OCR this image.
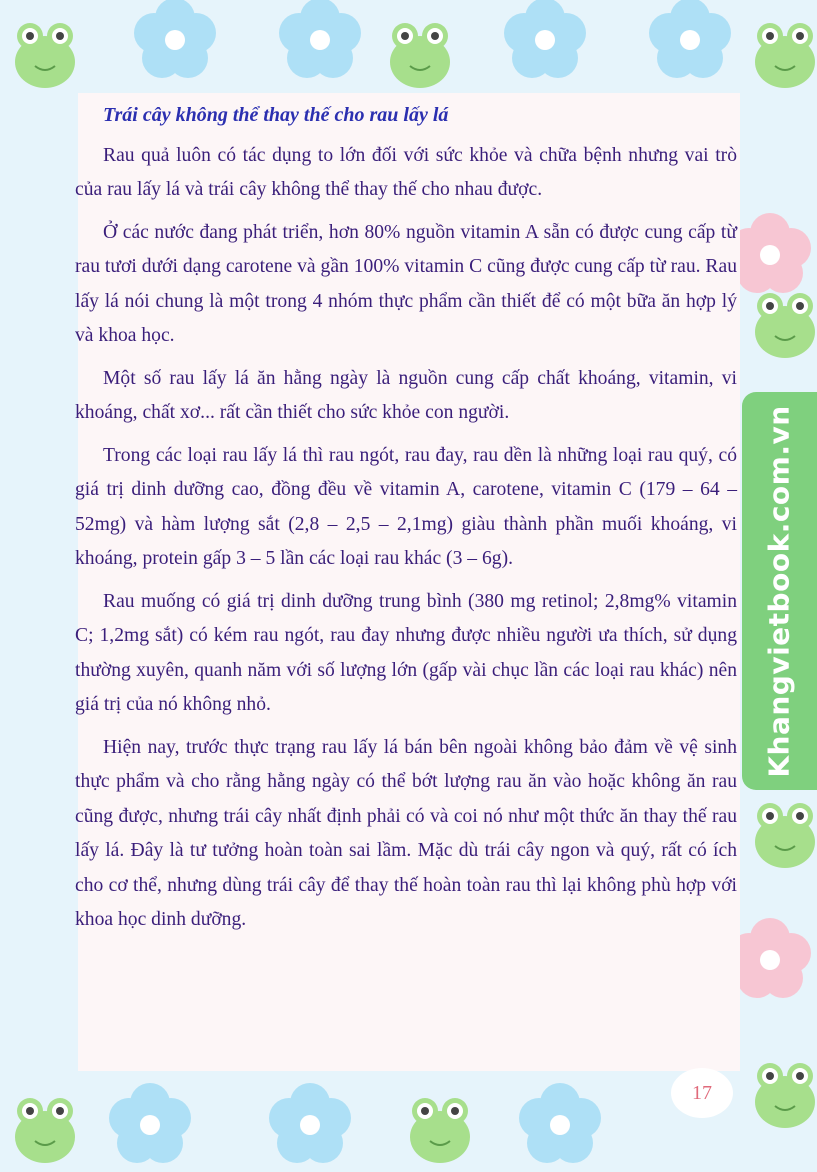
Trái cây không thể thay thế cho rau lấy lá

Rau quả luôn có tác dụng to lớn đối với sức khỏe và chữa bệnh nhưng vai trò của rau lấy lá và trái cây không thể thay thế cho nhau được.

Ở các nước đang phát triển, hơn 80% nguồn vitamin A sẵn có được cung cấp từ rau tươi dưới dạng carotene và gần 100% vitamin C cũng được cung cấp từ rau. Rau lấy lá nói chung là một trong 4 nhóm thực phẩm cần thiết để có một bữa ăn hợp lý và khoa học.

Một số rau lấy lá ăn hằng ngày là nguồn cung cấp chất khoáng, vitamin, vi khoáng, chất xơ... rất cần thiết cho sức khỏe con người.

Trong các loại rau lấy lá thì rau ngót, rau đay, rau dền là những loại rau quý, có giá trị dinh dưỡng cao, đồng đều về vitamin A, carotene, vitamin C (179 – 64 – 52mg) và hàm lượng sắt (2,8 – 2,5 – 2,1mg) giàu thành phần muối khoáng, vi khoáng, protein gấp 3 – 5 lần các loại rau khác (3 – 6g).

Rau muống có giá trị dinh dưỡng trung bình (380 mg retinol; 2,8mg% vitamin C; 1,2mg sắt) có kém rau ngót, rau đay nhưng được nhiều người ưa thích, sử dụng thường xuyên, quanh năm với số lượng lớn (gấp vài chục lần các loại rau khác) nên giá trị của nó không nhỏ.

Hiện nay, trước thực trạng rau lấy lá bán bên ngoài không bảo đảm về vệ sinh thực phẩm và cho rằng hằng ngày có thể bớt lượng rau ăn vào hoặc không ăn rau cũng được, nhưng trái cây nhất định phải có và coi nó như một thức ăn thay thế rau lấy lá. Đây là tư tưởng hoàn toàn sai lầm. Mặc dù trái cây ngon và quý, rất có ích cho cơ thể, nhưng dùng trái cây để thay thế hoàn toàn rau thì lại không phù hợp với khoa học dinh dưỡng.

Khangvietbook.com.vn
17
